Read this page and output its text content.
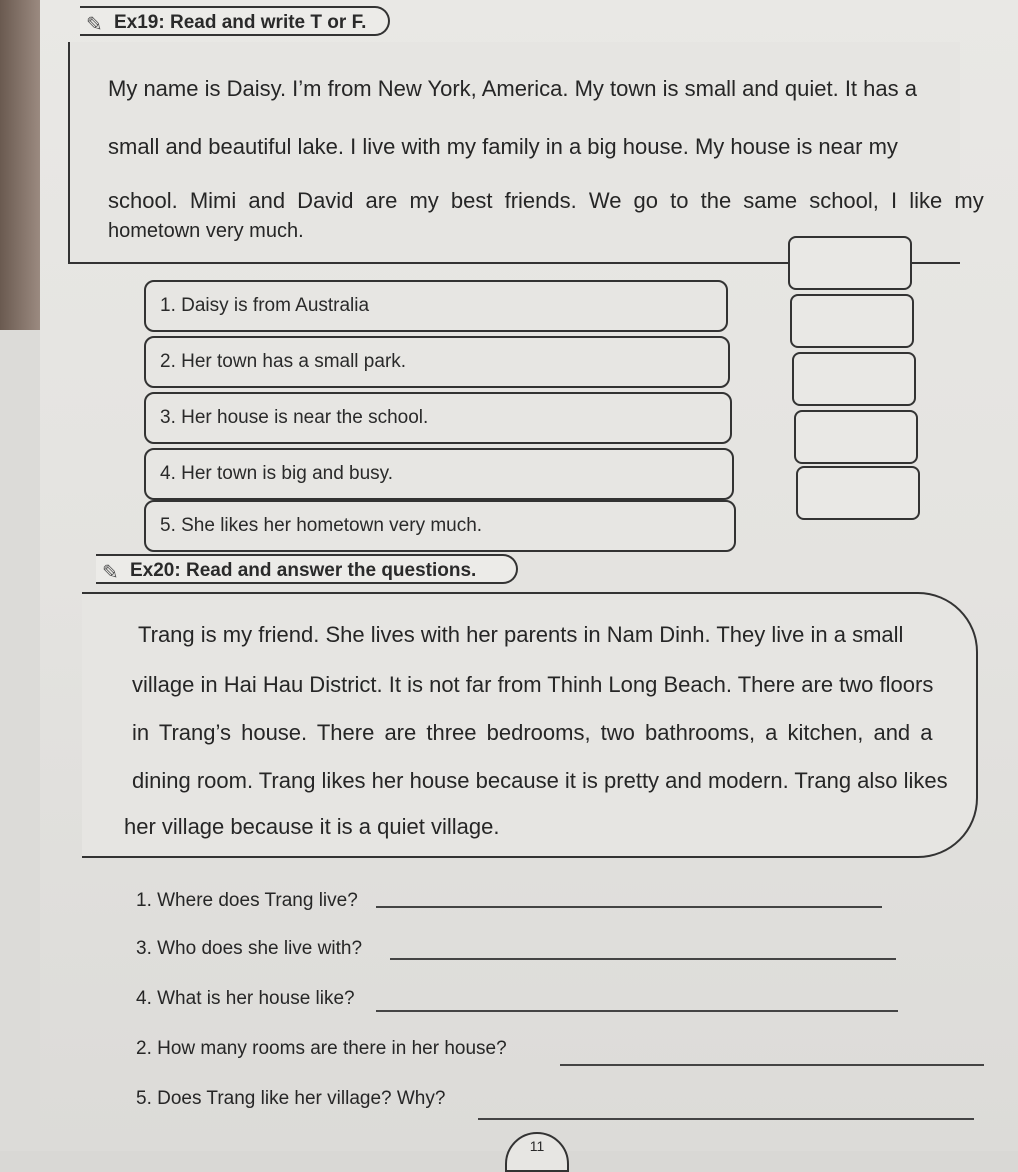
✎ Ex19: Read and write T or F.
My name is Daisy. I’m from New York, America. My town is small and quiet. It has a
small and beautiful lake. I live with my family in a big house. My house is near my
school. Mimi and David are my best friends. We go to the same school, I like my
hometown very much.
1. Daisy is from Australia
2. Her town has a small park.
3. Her house is near the school.
4. Her town is big and busy.
5. She likes her hometown very much.
✎ Ex20: Read and answer the questions.
Trang is my friend. She lives with her parents in Nam Dinh. They live in a small
village in Hai Hau District. It is not far from Thinh Long Beach. There are two floors
in Trang’s house. There are three bedrooms, two bathrooms, a kitchen, and a
dining room. Trang likes her house because it is pretty and modern. Trang also likes
her village because it is a quiet village.
1. Where does Trang live?
3. Who does she live with?
4. What is her house like?
2. How many rooms are there in her house?
5. Does Trang like her village? Why?
11
